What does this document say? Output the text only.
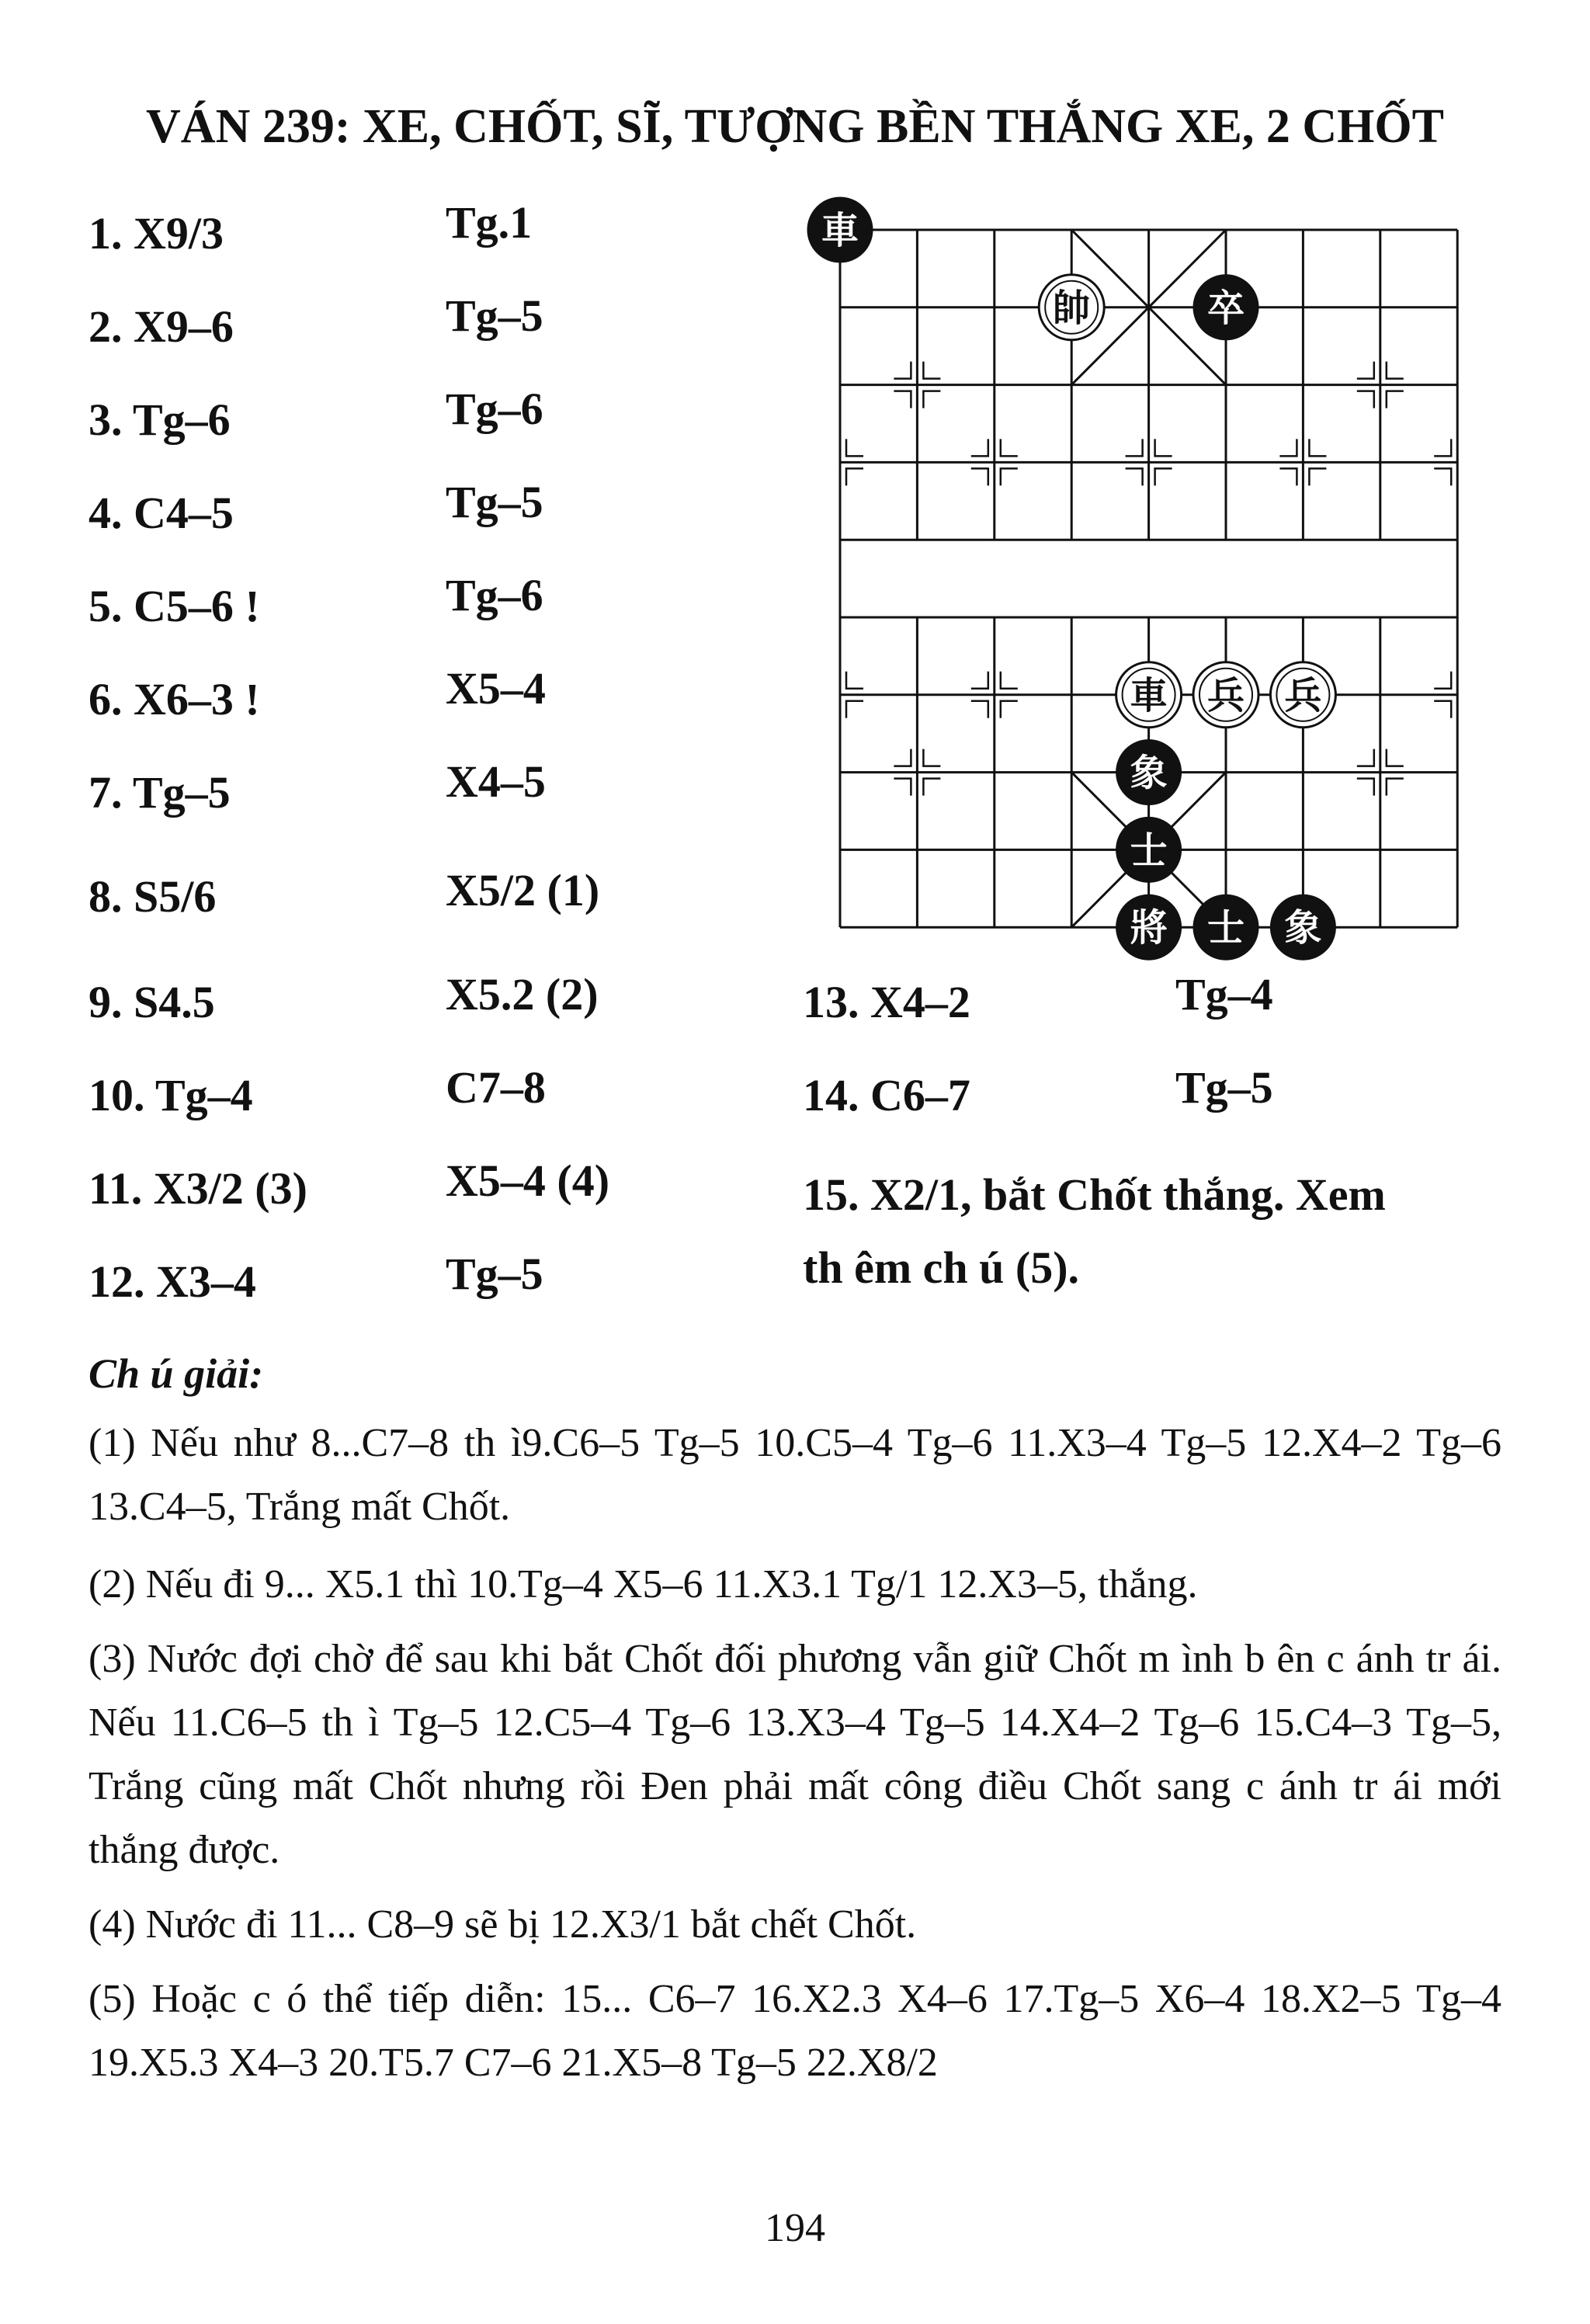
VÁN 239: XE, CHỐT, SĨ, TƯỢNG BỀN THẮNG XE, 2 CHỐT
1. X9/3	Tg.1
2. X9–6	Tg–5
3. Tg–6	Tg–6
4. C4–5	Tg–5
5. C5–6 !	Tg–6
6. X6–3 !	X5–4
7. Tg–5	X4–5
8. S5/6	X5/2 (1)
9. S4.5	X5.2 (2)
10. Tg–4	C7–8
11. X3/2 (3)	X5–4 (4)
12. X3–4	Tg–5
13. X4–2	Tg–4
14. C6–7	Tg–5
15. X2/1, bắt Chốt thắng. Xem
th êm ch ú (5).
車
帥	卒
車 兵 兵
象
士
將 士 象
Ch ú giải:
(1) Nếu như 8...C7–8 th ì9.C6–5 Tg–5 10.C5–4 Tg–6 11.X3–4 Tg–5 12.X4–2 Tg–6 13.C4–5, Trắng mất Chốt.
(2) Nếu đi 9... X5.1 thì 10.Tg–4 X5–6 11.X3.1 Tg/1 12.X3–5, thắng.
(3) Nước đợi chờ để sau khi bắt Chốt đối phương vẫn giữ Chốt m ình b ên c ánh tr ái. Nếu 11.C6–5 th ì Tg–5 12.C5–4 Tg–6 13.X3–4 Tg–5 14.X4–2 Tg–6 15.C4–3 Tg–5, Trắng cũng mất Chốt nhưng rồi Đen phải mất công điều Chốt sang c ánh tr ái mới thắng được.
(4) Nước đi 11... C8–9 sẽ bị 12.X3/1 bắt chết Chốt.
(5) Hoặc c ó thể tiếp diễn: 15... C6–7 16.X2.3 X4–6 17.Tg–5 X6–4 18.X2–5 Tg–4 19.X5.3 X4–3 20.T5.7 C7–6 21.X5–8 Tg–5 22.X8/2
194
